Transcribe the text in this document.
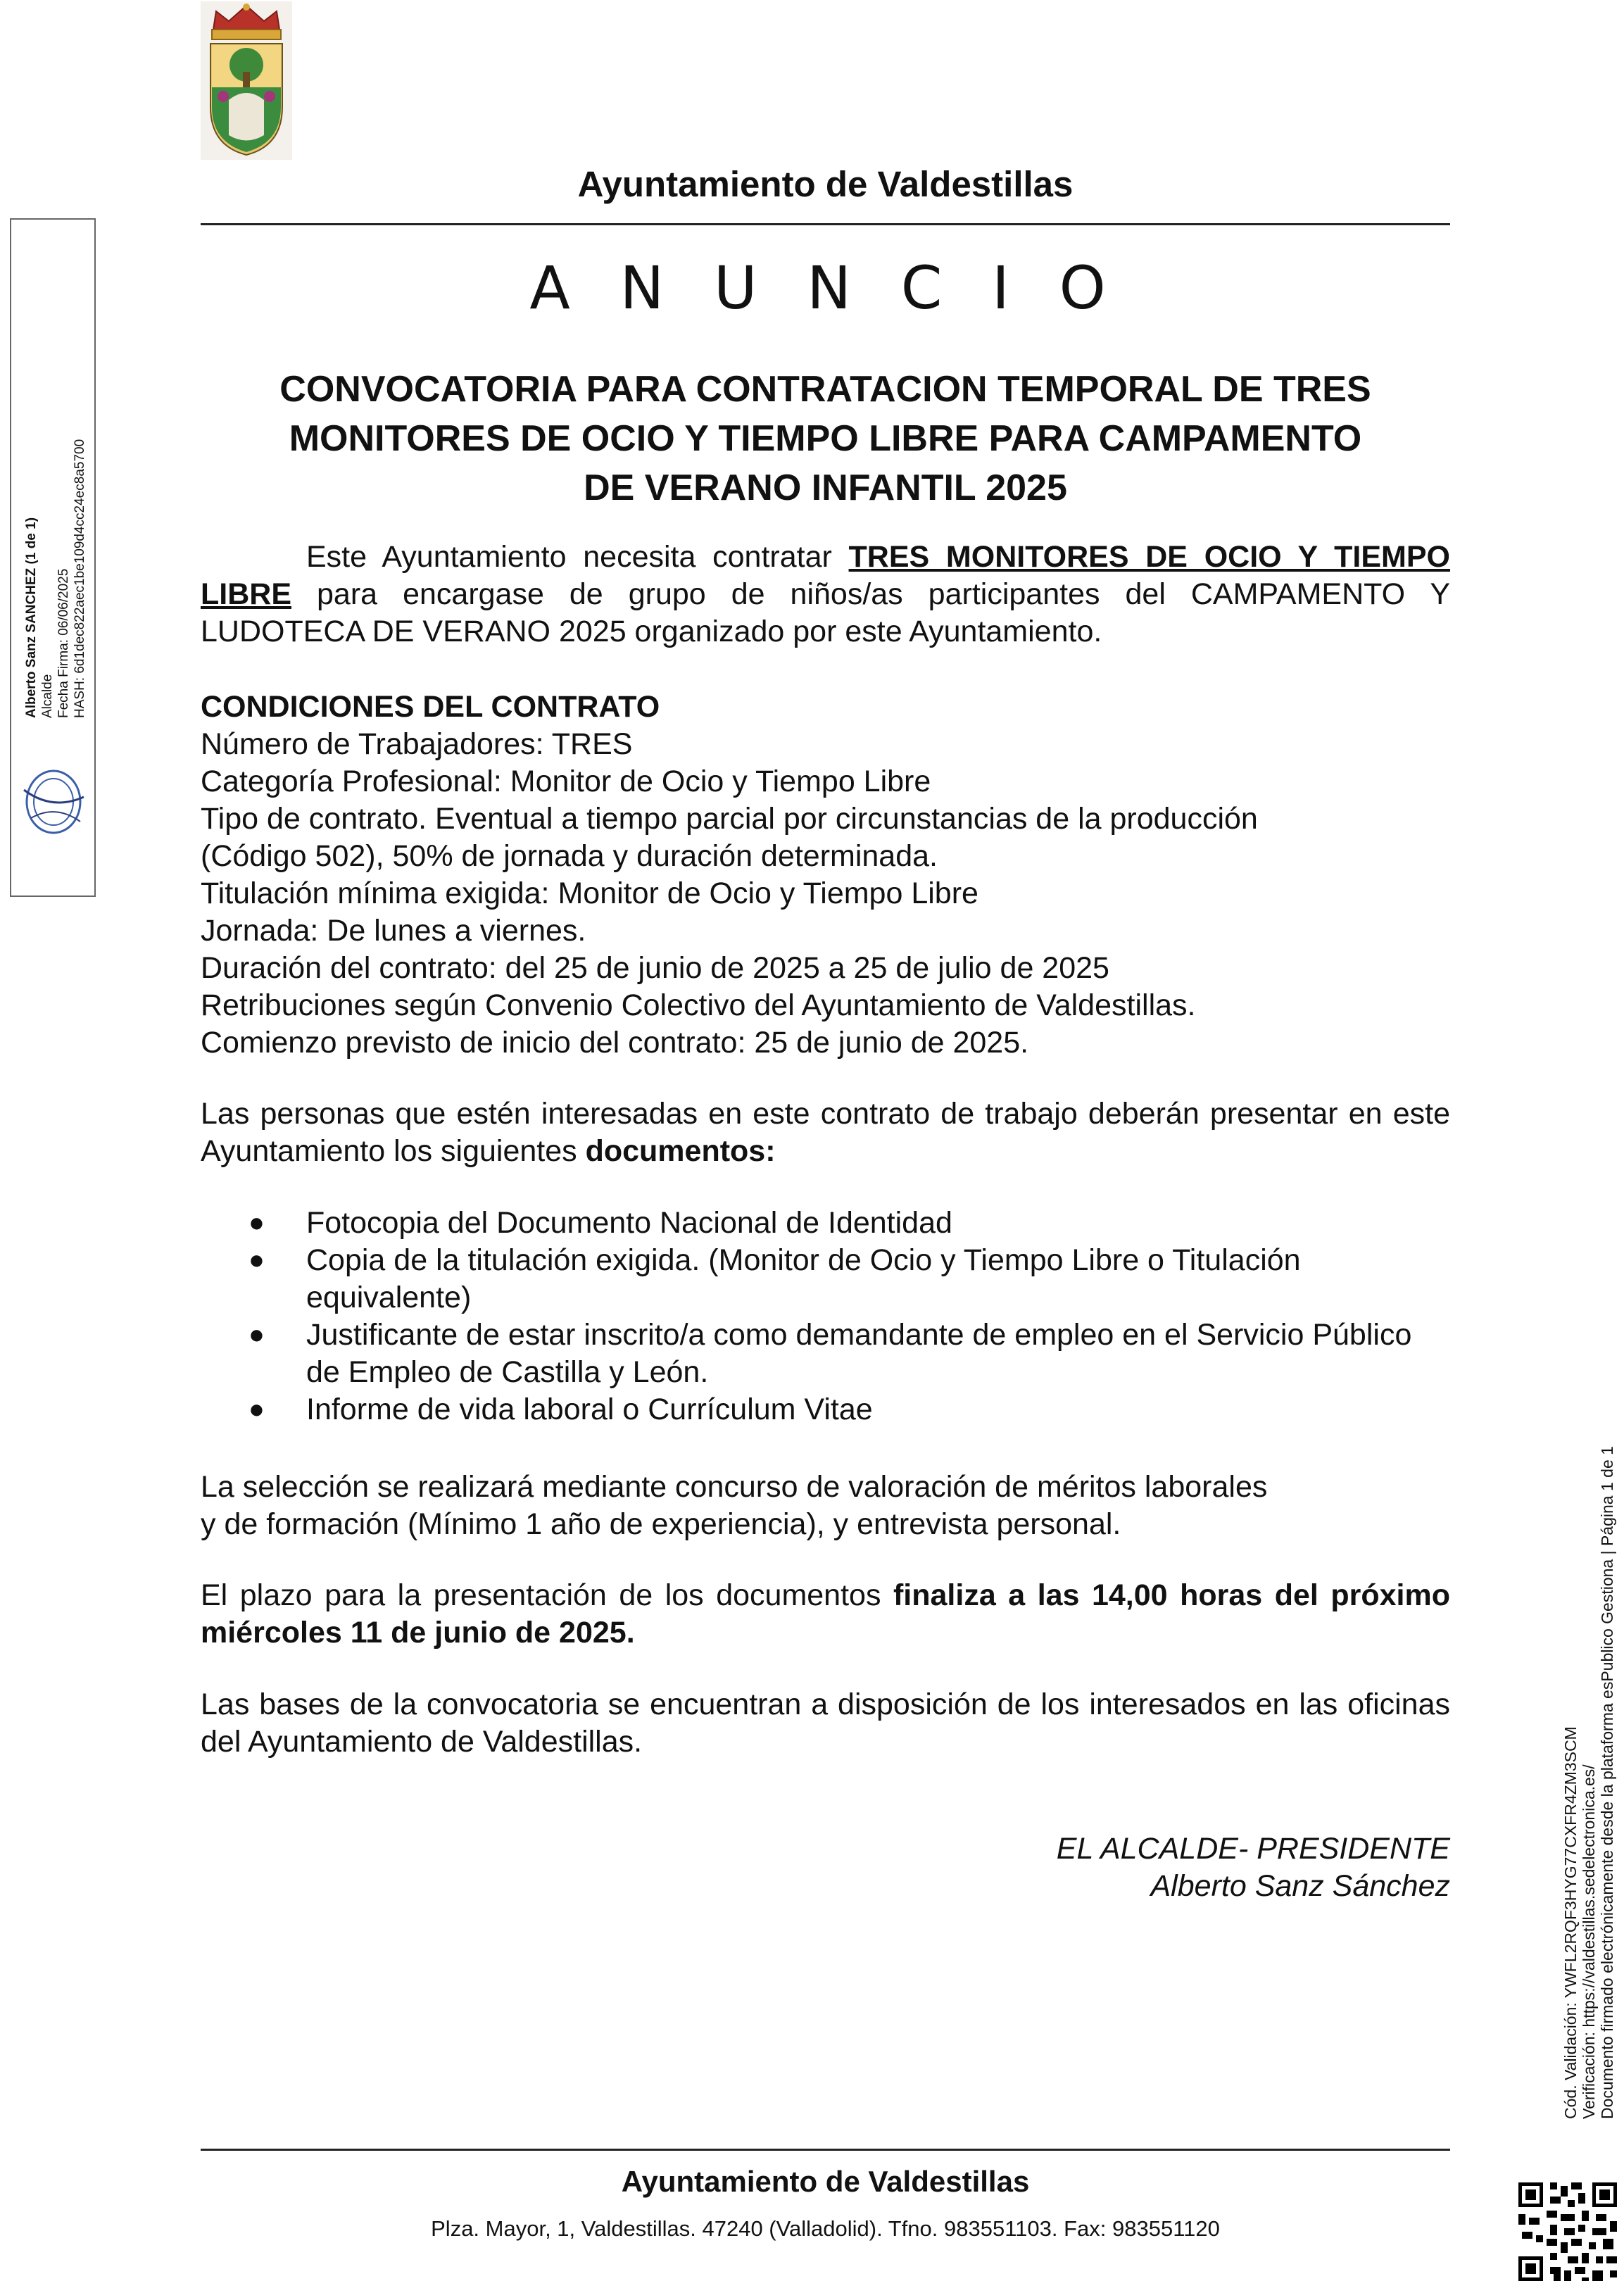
Ayuntamiento de Valdestillas
A N U N C I O
CONVOCATORIA PARA CONTRATACION TEMPORAL DE TRES
MONITORES DE OCIO Y TIEMPO LIBRE PARA CAMPAMENTO
DE VERANO INFANTIL 2025
Este Ayuntamiento necesita contratar TRES MONITORES DE OCIO Y TIEMPO LIBRE para encargase de grupo de niños/as participantes del CAMPAMENTO Y LUDOTECA DE VERANO 2025 organizado por este Ayuntamiento.
CONDICIONES DEL CONTRATO
Número de Trabajadores: TRES
Categoría Profesional: Monitor de Ocio y Tiempo Libre
Tipo de contrato. Eventual a tiempo parcial por circunstancias de la producción
(Código 502), 50% de jornada y duración determinada.
Titulación mínima exigida: Monitor de Ocio y Tiempo Libre
Jornada: De lunes a viernes.
Duración del contrato: del 25 de junio de 2025 a 25 de julio de 2025
Retribuciones según Convenio Colectivo del Ayuntamiento de Valdestillas.
Comienzo previsto de inicio del contrato: 25 de junio de 2025.
Las personas que estén interesadas en este contrato de trabajo deberán presentar en este Ayuntamiento los siguientes documentos:
● Fotocopia del Documento Nacional de Identidad
● Copia de la titulación exigida. (Monitor de Ocio y Tiempo Libre o Titulación equivalente)
● Justificante de estar inscrito/a como demandante de empleo en el Servicio Público de Empleo de Castilla y León.
● Informe de vida laboral o Currículum Vitae
La selección se realizará mediante concurso de valoración de méritos laborales
y de formación (Mínimo 1 año de experiencia), y entrevista personal.
El plazo para la presentación de los documentos finaliza a las 14,00 horas del próximo miércoles 11 de junio de 2025.
Las bases de la convocatoria se encuentran a disposición de los interesados en las oficinas del Ayuntamiento de Valdestillas.
EL ALCALDE- PRESIDENTE
Alberto Sanz Sánchez
Ayuntamiento de Valdestillas
Plza. Mayor, 1, Valdestillas. 47240 (Valladolid). Tfno. 983551103. Fax: 983551120
Alberto Sanz SANCHEZ (1 de 1) Alcalde Fecha Firma: 06/06/2025 HASH: 6d1dec822aec1be109d4cc24ec8a5700
Cód. Validación: YWFL2RQF3HYG77CXFR4ZM3SCM Verificación: https://valdestillas.sedelectronica.es/ Documento firmado electrónicamente desde la plataforma esPublico Gestiona | Página 1 de 1
